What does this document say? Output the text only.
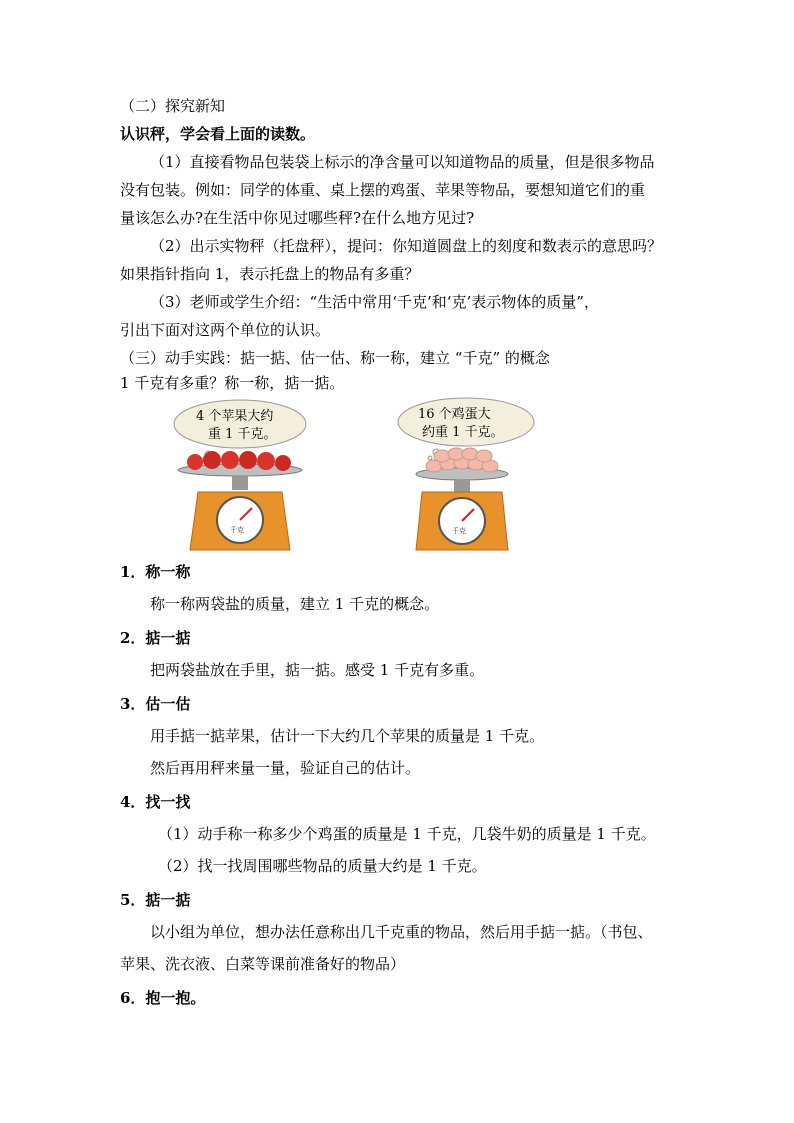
（二）探究新知
认识秤，学会看上面的读数。
（1）直接看物品包装袋上标示的净含量可以知道物品的质量，但是很多物品
没有包装。例如：同学的体重、桌上摆的鸡蛋、苹果等物品，要想知道它们的重
量该怎么办?在生活中你见过哪些秤?在什么地方见过?
（2）出示实物秤（托盘秤），提问：你知道圆盘上的刻度和数表示的意思吗？
如果指针指向 1，表示托盘上的物品有多重？
（3）老师或学生介绍：“生活中常用‘千克’和‘克’表示物体的质量”，
引出下面对这两个单位的认识。
（三）动手实践：掂一掂、估一估、称一称，建立 “千克” 的概念
1 千克有多重？称一称，掂一掂。
4 个苹果大约
重 1 千克。
千克
16 个鸡蛋大
约重 1 千克。
千克
1．称一称
称一称两袋盐的质量，建立 1 千克的概念。
2．掂一掂
把两袋盐放在手里，掂一掂。感受 1 千克有多重。
3．估一估
用手掂一掂苹果，估计一下大约几个苹果的质量是 1 千克。
然后再用秤来量一量，验证自己的估计。
4．找一找
（1）动手称一称多少个鸡蛋的质量是 1 千克，几袋牛奶的质量是 1 千克。
（2）找一找周围哪些物品的质量大约是 1 千克。
5．掂一掂
以小组为单位，想办法任意称出几千克重的物品，然后用手掂一掂。（书包、
苹果、洗衣液、白菜等课前准备好的物品）
6．抱一抱。
